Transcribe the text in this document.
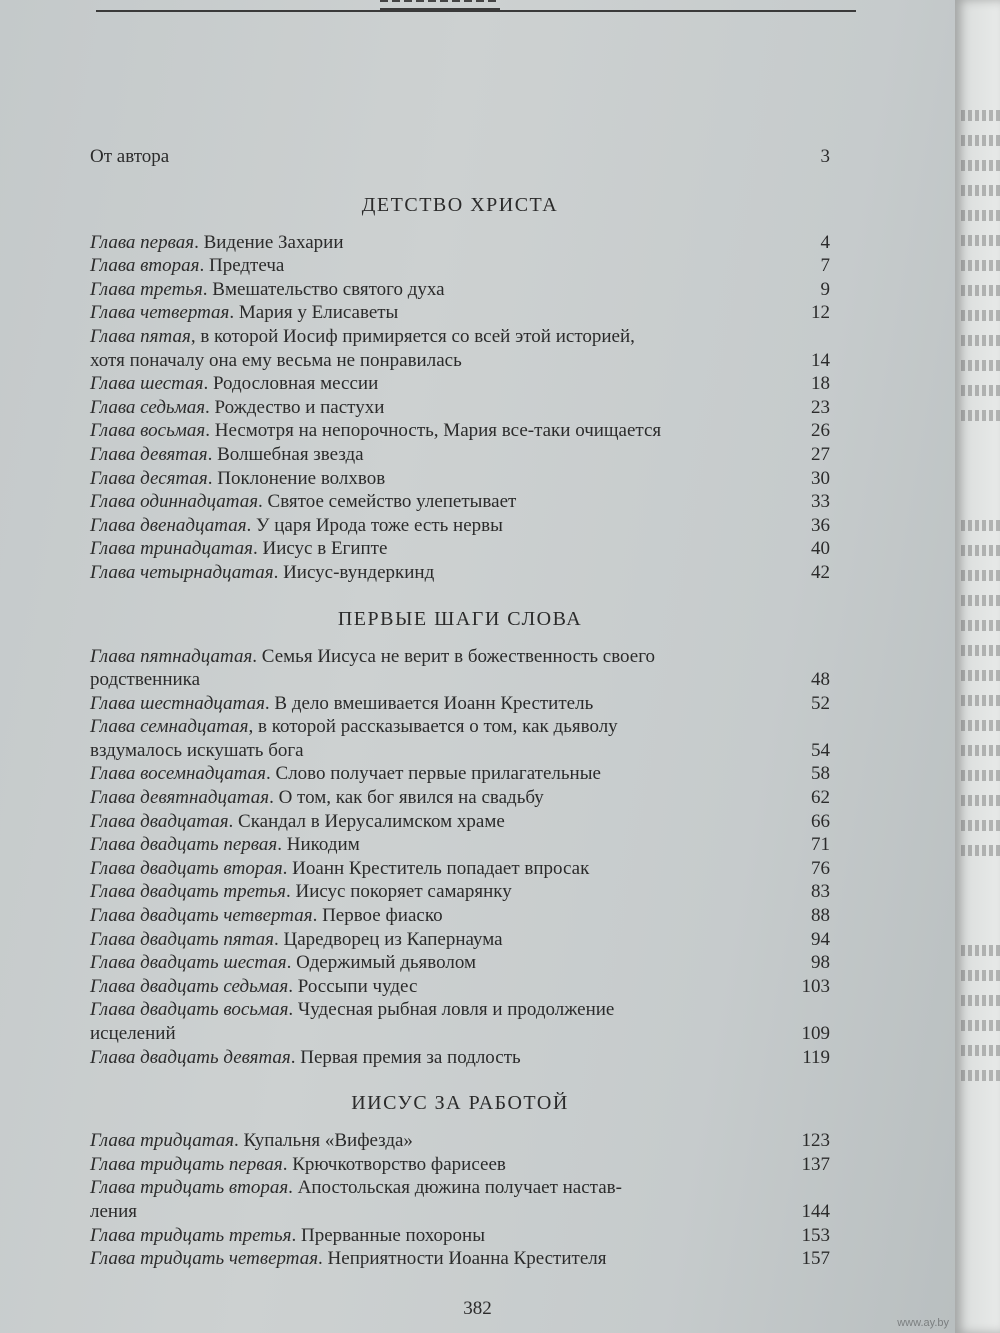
От автора	3
ДЕТСТВО ХРИСТА
Глава первая. Видение Захарии	4
Глава вторая. Предтеча	7
Глава третья. Вмешательство святого духа	9
Глава четвертая. Мария у Елисаветы	12
Глава пятая, в которой Иосиф примиряется со всей этой историей,
хотя поначалу она ему весьма не понравилась	14
Глава шестая. Родословная мессии	18
Глава седьмая. Рождество и пастухи	23
Глава восьмая. Несмотря на непорочность, Мария все-таки очищается	26
Глава девятая. Волшебная звезда	27
Глава десятая. Поклонение волхвов	30
Глава одиннадцатая. Святое семейство улепетывает	33
Глава двенадцатая. У царя Ирода тоже есть нервы	36
Глава тринадцатая. Иисус в Египте	40
Глава четырнадцатая. Иисус-вундеркинд	42
ПЕРВЫЕ ШАГИ СЛОВА
Глава пятнадцатая. Семья Иисуса не верит в божественность своего
родственника	48
Глава шестнадцатая. В дело вмешивается Иоанн Креститель	52
Глава семнадцатая, в которой рассказывается о том, как дьяволу
вздумалось искушать бога	54
Глава восемнадцатая. Слово получает первые прилагательные	58
Глава девятнадцатая. О том, как бог явился на свадьбу	62
Глава двадцатая. Скандал в Иерусалимском храме	66
Глава двадцать первая. Никодим	71
Глава двадцать вторая. Иоанн Креститель попадает впросак	76
Глава двадцать третья. Иисус покоряет самарянку	83
Глава двадцать четвертая. Первое фиаско	88
Глава двадцать пятая. Царедворец из Капернаума	94
Глава двадцать шестая. Одержимый дьяволом	98
Глава двадцать седьмая. Россыпи чудес	103
Глава двадцать восьмая. Чудесная рыбная ловля и продолжение
исцелений	109
Глава двадцать девятая. Первая премия за подлость	119
ИИСУС ЗА РАБОТОЙ
Глава тридцатая. Купальня «Вифезда»	123
Глава тридцать первая. Крючкотворство фарисеев	137
Глава тридцать вторая. Апостольская дюжина получает настав-
ления	144
Глава тридцать третья. Прерванные похороны	153
Глава тридцать четвертая. Неприятности Иоанна Крестителя	157
382
www.ay.by
